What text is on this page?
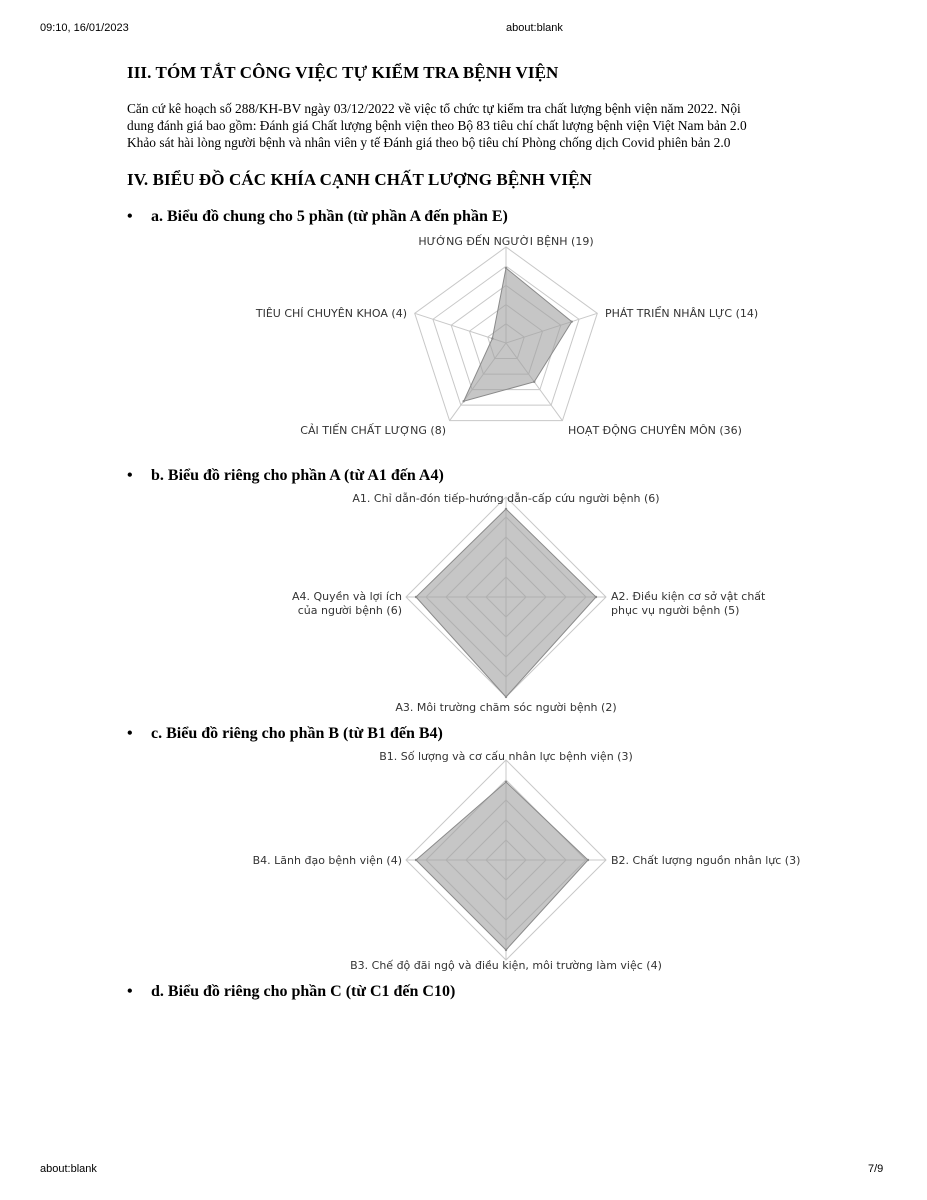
09:10, 16/01/2023	about:blank
about:blank	7/9
III. TÓM TẮT CÔNG VIỆC TỰ KIỂM TRA BỆNH VIỆN
Căn cứ kê hoạch số 288/KH-BV ngày 03/12/2022 về việc tổ chức tự kiểm tra chất lượng bệnh viện năm 2022. Nội
dung đánh giá bao gồm: Đánh giá Chất lượng bệnh viện theo Bộ 83 tiêu chí chất lượng bệnh viện Việt Nam bản 2.0
Khảo sát hài lòng người bệnh và nhân viên y tế Đánh giá theo bộ tiêu chí Phòng chống dịch Covid phiên bản 2.0
IV. BIỂU ĐỒ CÁC KHÍA CẠNH CHẤT LƯỢNG BỆNH VIỆN
• a. Biểu đồ chung cho 5 phần (từ phần A đến phần E)
• b. Biểu đồ riêng cho phần A (từ A1 đến A4)
• c. Biểu đồ riêng cho phần B (từ B1 đến B4)
• d. Biểu đồ riêng cho phần C (từ C1 đến C10)
HƯỚNG ĐẾN NGƯỜI BỆNH (19)
PHÁT TRIỂN NHÂN LỰC (14)
HOẠT ĐỘNG CHUYÊN MÔN (36)
CẢI TIẾN CHẤT LƯỢNG (8)
TIÊU CHÍ CHUYÊN KHOA (4)
A1. Chỉ dẫn-đón tiếp-hướng dẫn-cấp cứu người bệnh (6)
A2. Điều kiện cơ sở vật chất phục vụ người bệnh (5)
A3. Môi trường chăm sóc người bệnh (2)
A4. Quyền và lợi ích của người bệnh (6)
B1. Số lượng và cơ cấu nhân lực bệnh viện (3)
B2. Chất lượng nguồn nhân lực (3)
B3. Chế độ đãi ngộ và điều kiện, môi trường làm việc (4)
B4. Lãnh đạo bệnh viện (4)
